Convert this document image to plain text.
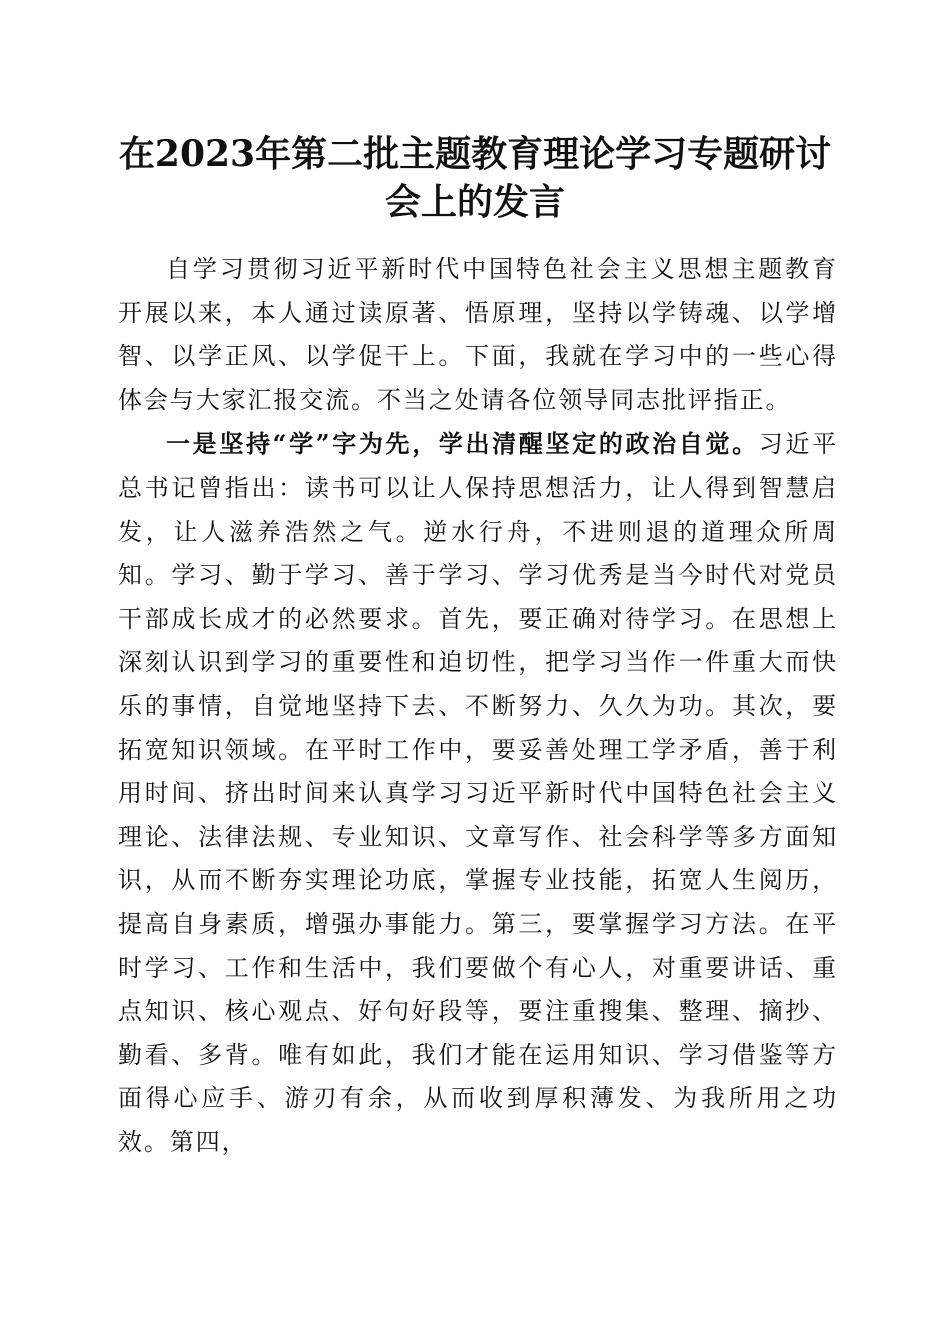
在2023年第二批主题教育理论学习专题研讨
会上的发言

自学习贯彻习近平新时代中国特色社会主义思想主题教育开展以来，本人通过读原著、悟原理，坚持以学铸魂、以学增智、以学正风、以学促干上。下面，我就在学习中的一些心得体会与大家汇报交流。不当之处请各位领导同志批评指正。

一是坚持“学”字为先，学出清醒坚定的政治自觉。习近平总书记曾指出：读书可以让人保持思想活力，让人得到智慧启发，让人滋养浩然之气。逆水行舟，不进则退的道理众所周知。学习、勤于学习、善于学习、学习优秀是当今时代对党员干部成长成才的必然要求。首先，要正确对待学习。在思想上深刻认识到学习的重要性和迫切性，把学习当作一件重大而快乐的事情，自觉地坚持下去、不断努力、久久为功。其次，要拓宽知识领域。在平时工作中，要妥善处理工学矛盾，善于利用时间、挤出时间来认真学习习近平新时代中国特色社会主义理论、法律法规、专业知识、文章写作、社会科学等多方面知识，从而不断夯实理论功底，掌握专业技能，拓宽人生阅历，提高自身素质，增强办事能力。第三，要掌握学习方法。在平时学习、工作和生活中，我们要做个有心人，对重要讲话、重点知识、核心观点、好句好段等，要注重搜集、整理、摘抄、勤看、多背。唯有如此，我们才能在运用知识、学习借鉴等方面得心应手、游刃有余，从而收到厚积薄发、为我所用之功效。第四，
